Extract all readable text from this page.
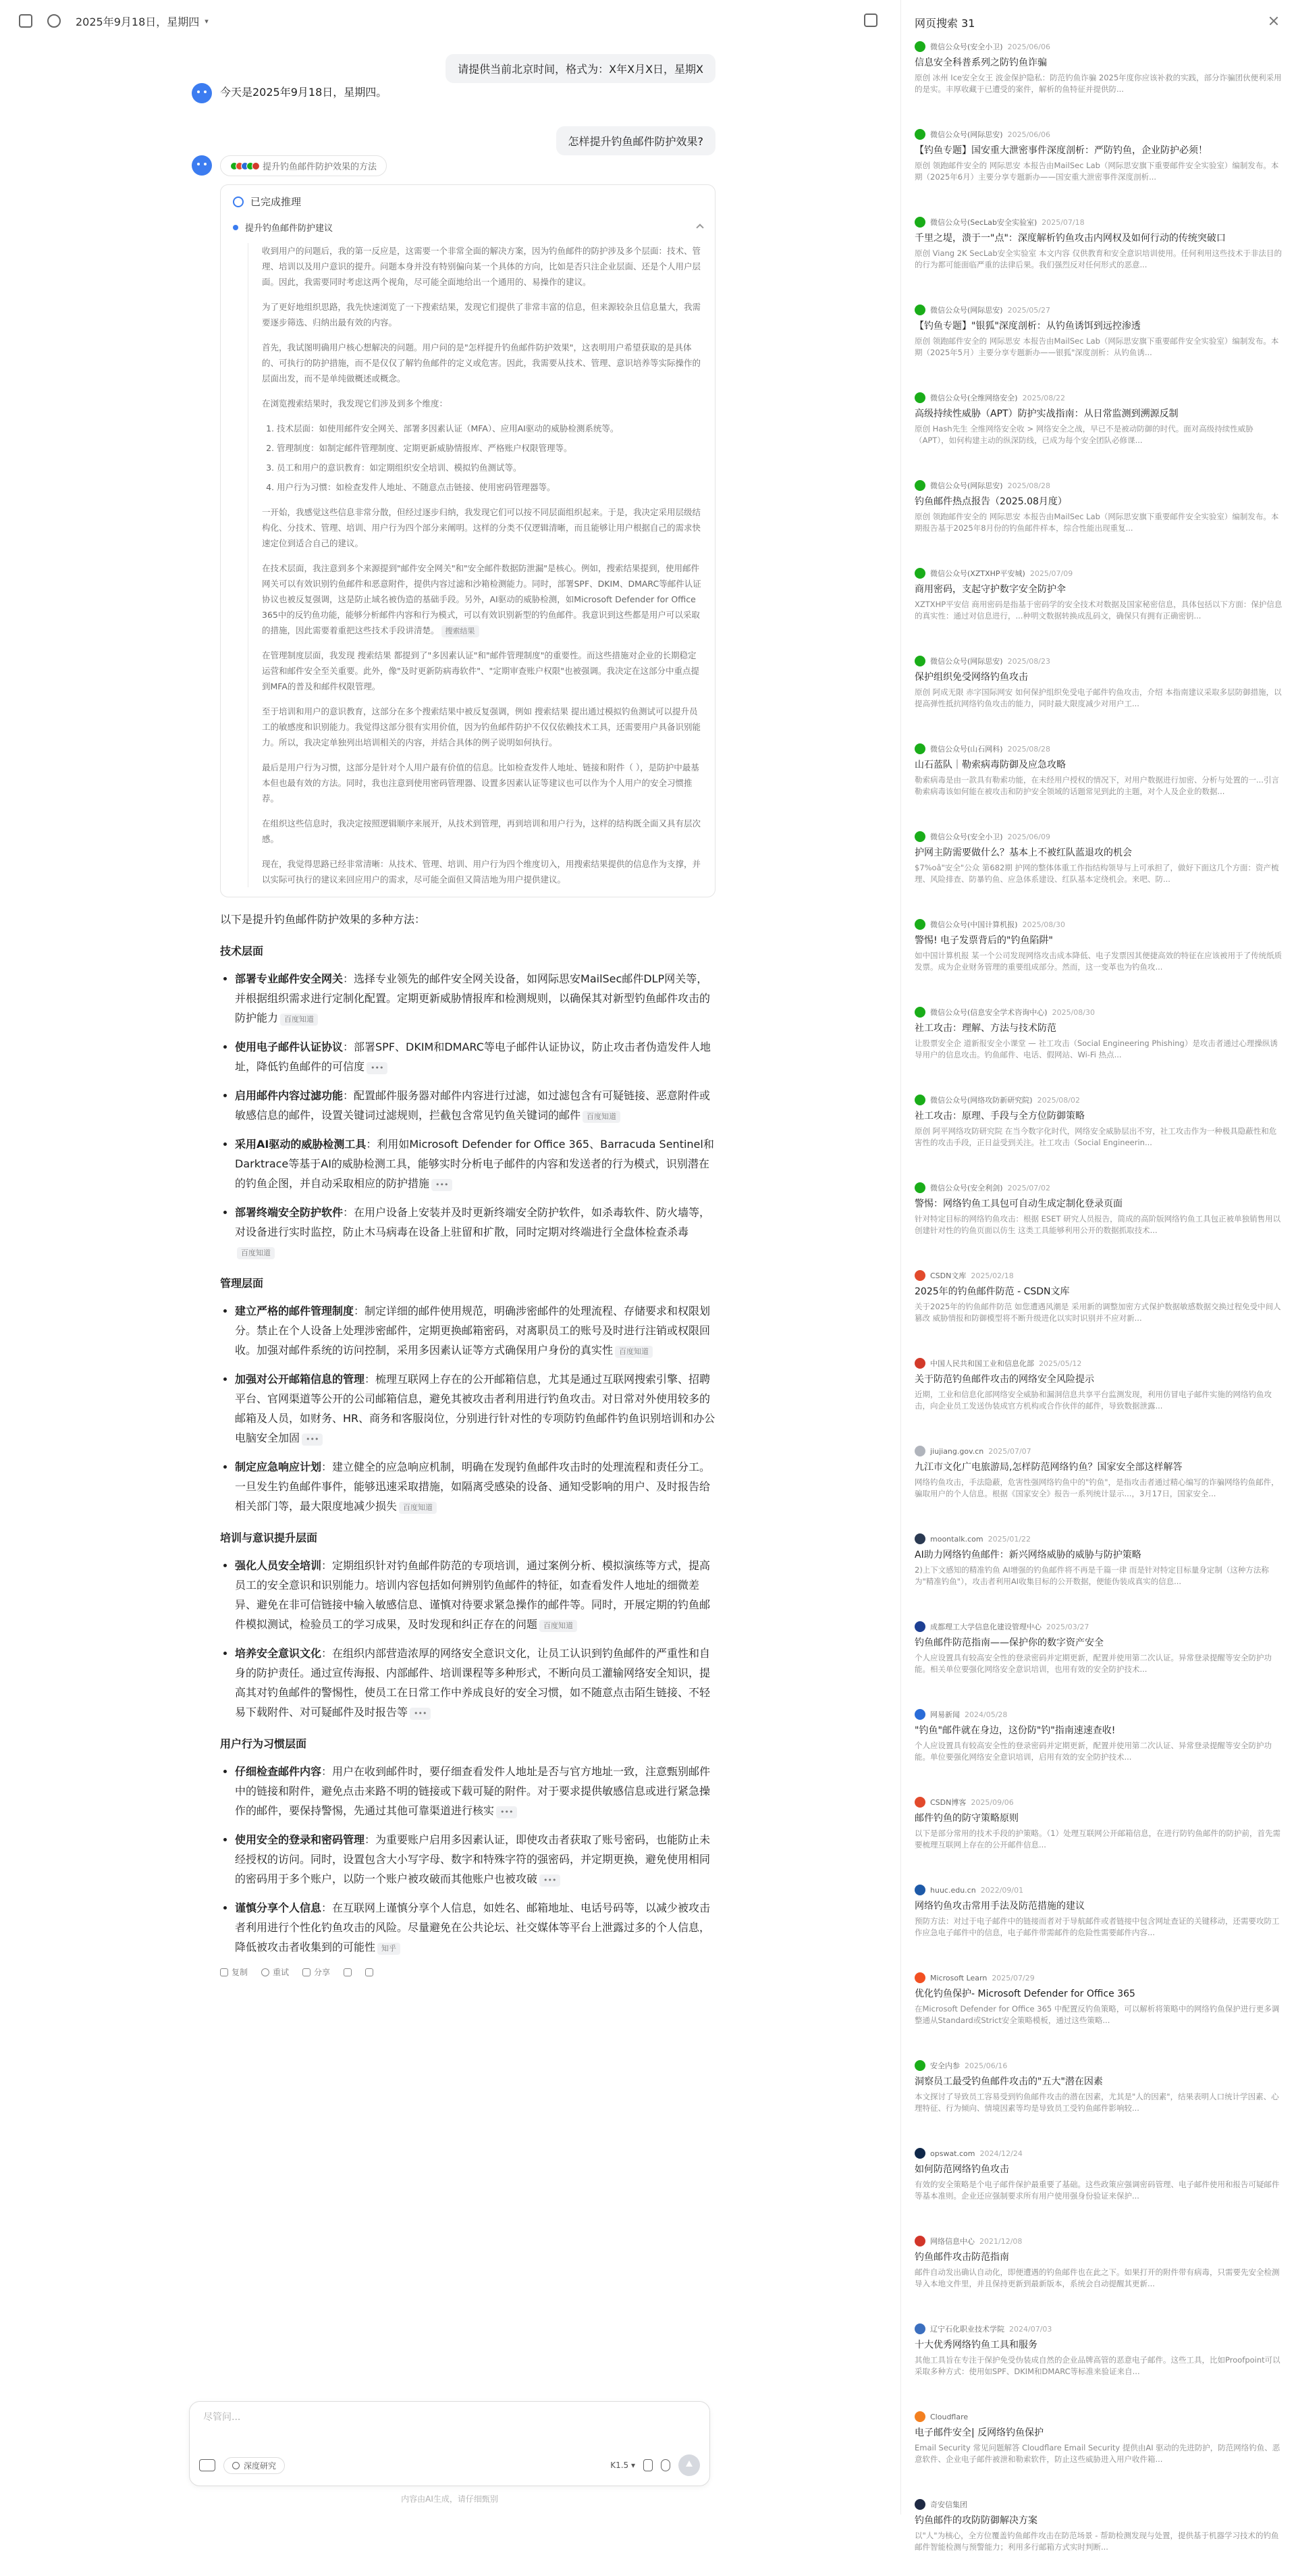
2025年9月18日，星期四 ▾
请提供当前北京时间，格式为：X年X月X日，星期X
今天是2025年9月18日，星期四。
怎样提升钓鱼邮件防护效果?
提升钓鱼邮件防护效果的方法
已完成推理
提升钓鱼邮件防护建议

收到用户的问题后，我的第一反应是，这需要一个非常全面的解决方案，因为钓鱼邮件的防护涉及多个层面：技术、管理、培训以及用户意识的提升。问题本身并没有特别偏向某一个具体的方向，比如是否只注企业层面、还是个人用户层面。因此，我需要同时考虑这两个视角，尽可能全面地给出一个通用的、易操作的建议。

为了更好地组织思路，我先快速浏览了一下搜索结果，发现它们提供了非常丰富的信息，但来源较杂且信息量大，我需要逐步筛选、归纳出最有效的内容。

首先，我试图明确用户核心想解决的问题。用户问的是"怎样提升钓鱼邮件防护效果"，这表明用户希望获取的是具体的、可执行的防护措施，而不是仅仅了解钓鱼邮件的定义或危害。因此，我需要从技术、管理、意识培养等实际操作的层面出发，而不是单纯做概述或概念。

在浏览搜索结果时，我发现它们涉及到多个维度：

1. 技术层面：如使用邮件安全网关、部署多因素认证（MFA）、应用AI驱动的威胁检测系统等。
2. 管理制度：如制定邮件管理制度、定期更新威胁情报库、严格账户权限管理等。
3. 员工和用户的意识教育：如定期组织安全培训、模拟钓鱼测试等。
4. 用户行为习惯：如检查发件人地址、不随意点击链接、使用密码管理器等。

一开始，我感觉这些信息非常分散，但经过逐步归纳，我发现它们可以按不同层面组织起来。于是，我决定采用层级结构化、分技术、管理、培训、用户行为四个部分来阐明。这样的分类不仅逻辑清晰，而且能够让用户根据自己的需求快速定位到适合自己的建议。

在技术层面，我注意到多个来源提到"邮件安全网关"和"安全邮件数据防泄漏"是核心。例如，搜索结果提到，使用邮件网关可以有效识别钓鱼邮件和恶意附件，提供内容过滤和沙箱检测能力。同时，部署SPF、DKIM、DMARC等邮件认证协议也被反复强调，这是防止域名被伪造的基础手段。另外，AI驱动的威胁检测，如Microsoft Defender for Office 365中的反钓鱼功能，能够分析邮件内容和行为模式，可以有效识别新型的钓鱼邮件。我意识到这些都是用户可以采取的措施，因此需要着重把这些技术手段讲清楚。 搜索结果

在管理制度层面，我发现 搜索结果 都提到了"多因素认证"和"邮件管理制度"的重要性。而这些措施对企业的长期稳定运营和邮件安全至关重要。此外，像"及时更新防病毒软件"、"定期审查账户权限"也被强调。我决定在这部分中重点提到MFA的普及和邮件权限管理。

至于培训和用户的意识教育，这部分在多个搜索结果中被反复强调，例如 搜索结果 提出通过模拟钓鱼测试可以提升员工的敏感度和识别能力。我觉得这部分很有实用价值，因为钓鱼邮件防护不仅仅依赖技术工具，还需要用户具备识别能力。所以，我决定单独列出培训相关的内容，并结合具体的例子说明如何执行。

最后是用户行为习惯，这部分是针对个人用户最有价值的信息。比如检查发件人地址、链接和附件（ ），是防护中最基本但也最有效的方法。同时，我也注意到使用密码管理器、设置多因素认证等建议也可以作为个人用户的安全习惯推荐。

在组织这些信息时，我决定按照逻辑顺序来展开，从技术到管理，再到培训和用户行为，这样的结构既全面又具有层次感。

现在，我觉得思路已经非常清晰：从技术、管理、培训、用户行为四个维度切入，用搜索结果提供的信息作为支撑，并以实际可执行的建议来回应用户的需求，尽可能全面但又简洁地为用户提供建议。

以下是提升钓鱼邮件防护效果的多种方法：
技术层面
• 部署专业邮件安全网关：选择专业领先的邮件安全网关设备，如网际思安MailSec邮件DLP网关等，并根据组织需求进行定制化配置。定期更新威胁情报库和检测规则，以确保其对新型钓鱼邮件攻击的防护能力 百度知道
• 使用电子邮件认证协议：部署SPF、DKIM和DMARC等电子邮件认证协议，防止攻击者伪造发件人地址，降低钓鱼邮件的可信度 •••
• 启用邮件内容过滤功能：配置邮件服务器对邮件内容进行过滤，如过滤包含有可疑链接、恶意附件或敏感信息的邮件，设置关键词过滤规则，拦截包含常见钓鱼关键词的邮件 百度知道
• 采用AI驱动的威胁检测工具：利用如Microsoft Defender for Office 365、Barracuda Sentinel和Darktrace等基于AI的威胁检测工具，能够实时分析电子邮件的内容和发送者的行为模式，识别潜在的钓鱼企图，并自动采取相应的防护措施 •••
• 部署终端安全防护软件：在用户设备上安装并及时更新终端安全防护软件，如杀毒软件、防火墙等，对设备进行实时监控，防止木马病毒在设备上驻留和扩散，同时定期对终端进行全盘体检查杀毒百度知道
管理层面
• 建立严格的邮件管理制度：制定详细的邮件使用规范，明确涉密邮件的处理流程、存储要求和权限划分。禁止在个人设备上处理涉密邮件，定期更换邮箱密码，对离职员工的账号及时进行注销或权限回收。加强对邮件系统的访问控制，采用多因素认证等方式确保用户身份的真实性 百度知道
• 加强对公开邮箱信息的管理：梳理互联网上存在的公开邮箱信息，尤其是通过互联网搜索引擎、招聘平台、官网渠道等公开的公司邮箱信息，避免其被攻击者利用进行钓鱼攻击。对日常对外使用较多的邮箱及人员，如财务、HR、商务和客服岗位，分别进行针对性的专项防钓鱼邮件钓鱼识别培训和办公电脑安全加固 •••
• 制定应急响应计划：建立健全的应急响应机制，明确在发现钓鱼邮件攻击时的处理流程和责任分工。一旦发生钓鱼邮件事件，能够迅速采取措施，如隔离受感染的设备、通知受影响的用户、及时报告给相关部门等，最大限度地减少损失 百度知道
培训与意识提升层面
• 强化人员安全培训：定期组织针对钓鱼邮件防范的专项培训，通过案例分析、模拟演练等方式，提高员工的安全意识和识别能力。培训内容包括如何辨别钓鱼邮件的特征，如查看发件人地址的细微差异、避免在非可信链接中输入敏感信息、谨慎对待要求紧急操作的邮件等。同时，开展定期的钓鱼邮件模拟测试，检验员工的学习成果，及时发现和纠正存在的问题 百度知道
• 培养安全意识文化：在组织内部营造浓厚的网络安全意识文化，让员工认识到钓鱼邮件的严重性和自身的防护责任。通过宣传海报、内部邮件、培训课程等多种形式，不断向员工灌输网络安全知识，提高其对钓鱼邮件的警惕性，使员工在日常工作中养成良好的安全习惯，如不随意点击陌生链接、不轻易下载附件、对可疑邮件及时报告等 •••
用户行为习惯层面
• 仔细检查邮件内容：用户在收到邮件时，要仔细查看发件人地址是否与官方地址一致，注意甄别邮件中的链接和附件，避免点击来路不明的链接或下载可疑的附件。对于要求提供敏感信息或进行紧急操作的邮件，要保持警惕，先通过其他可靠渠道进行核实 •••
• 使用安全的登录和密码管理：为重要账户启用多因素认证，即使攻击者获取了账号密码，也能防止未经授权的访问。同时，设置包含大小写字母、数字和特殊字符的强密码，并定期更换，避免使用相同的密码用于多个账户，以防一个账户被攻破而其他账户也被攻破 •••
• 谨慎分享个人信息：在互联网上谨慎分享个人信息，如姓名、邮箱地址、电话号码等，以减少被攻击者利用进行个性化钓鱼攻击的风险。尽量避免在公共论坛、社交媒体等平台上泄露过多的个人信息，降低被攻击者收集到的可能性 知乎
复制	重试	分享
尽管问...
深度研究	K1.5 ▾
内容由AI生成，请仔细甄别
网页搜索 31
微信公众号(安全小卫) 2025/06/06
信息安全科普系列之防钓鱼诈骗
原创 冰州 Ice安全女王 波金保护隐私：防范钓鱼诈骗 2025年度你应该补救的实践，部分诈骗团伙便利采用的是实。丰厚收藏于已遭受的案件，解析的鱼特征并提供防...
微信公众号(网际思安) 2025/06/06
【钓鱼专题】国安重大泄密事件深度剖析：严防钓鱼，企业防护必须！
原创 领跑邮件安全的 网际思安 本报告由MailSec Lab（网际思安旗下重要邮件安全实验室）编制发布。本期（2025年6月）主要分享专题新办——国安重大泄密事件深度剖析...
微信公众号(SecLab安全实验室) 2025/07/18
千里之堤，溃于一"点"：深度解析钓鱼攻击内网权及如何行动的传统突破口
原创 Viang 2K SecLab安全实验室 本文内容 仅供教育和安全意识培训使用。任何利用这些技术于非法目的的行为都可能面临严重的法律后果。我们强烈反对任何形式的恶意...
微信公众号(网际思安) 2025/05/27
【钓鱼专题】"银狐"深度剖析：从钓鱼诱饵到远控渗透
原创 领跑邮件安全的 网际思安 本报告由MailSec Lab（网际思安旗下重要邮件安全实验室）编制发布。本期（2025年5月）主要分享专题新办——银狐"深度剖析：从钓鱼诱...
微信公众号(全维网络安全) 2025/08/22
高级持续性威胁（APT）防护实战指南：从日常监测到溯源反制
原创 Hash先生 全维网络安全收 > 网络安全之战，早已不是被动防御的时代。面对高级持续性威胁（APT），如何构建主动的纵深防线，已成为每个安全团队必修课...
微信公众号(网际思安) 2025/08/28
钓鱼邮件热点报告（2025.08月度）
原创 领跑邮件安全的 网际思安 本报告由MailSec Lab（网际思安旗下重要邮件安全实验室）编制发布。本期报告基于2025年8月份的钓鱼邮件样本，综合性能出现重复...
微信公众号(XZTXHP平安城) 2025/07/09
商用密码，支起守护数字安全防护伞
XZTXHP平安信 商用密码是指基于密码学的安全技术对数据及国家秘密信息，具体包括以下方面：保护信息的真实性：通过对信息进行，...种明文数据转换成乱码文，确保只有拥有正确密钥...
微信公众号(网际思安) 2025/08/23
保护组织免受网络钓鱼攻击
原创 阿成无限 赤字国际网安 如何保护组织免受电子邮件钓鱼攻击，介绍 本指南建议采取多层防御措施，以提高弹性抵抗网络钓鱼攻击的能力，同时最大限度减少对用户工...
微信公众号(山石网科) 2025/08/28
山石蓝队｜勒索病毒防御及应急攻略
勒索病毒是由一款具有勒索功能，在未经用户授权的情况下，对用户数据进行加密、分析与处置的一...引言勒索病毒该如何能在被攻击和防护安全领域的话题常见到此的主题，对个人及企业的数据...
微信公众号(安全小卫) 2025/06/09
护网主防需要做什么？基本上不被红队蓝退攻的机会
$7%oâ"安全"公众 第682期 护网的整体体重工作指结构领导与上可承担了，做好下面这几个方面：资产梳理、风险排查、防暴钓鱼、应急体系建设、红队基本定绕机会。来吧、防...
微信公众号(中国计算机报) 2025/08/30
警惕! 电子发票背后的"钓鱼陷阱"
如中国计算机报 某一个公司发现网络攻击成本降低、电子发票因其便捷高效的特征在应该被用于了传统纸质发票。成为企业财务管理的重要组成部分。然而，这一变革也为钓鱼攻...
微信公众号(信息安全学术咨询中心) 2025/08/30
社工攻击：理解、方法与技术防范
让股票安全企 道新报安全小课堂 — 社工攻击（Social Engineering Phishing）是攻击者通过心理操纵诱导用户的信息攻击。钓鱼邮件、电话、假网站、Wi-Fi 热点...
微信公众号(网络攻防新研究院) 2025/08/02
社工攻击：原理、手段与全方位防御策略
原创 阿平网络攻防研究院 在当今数字化时代，网络安全威胁层出不穷，社工攻击作为一种极具隐蔽性和危害性的攻击手段，正日益受到关注。社工攻击（Social Engineerin...
微信公众号(安全利剑) 2025/07/02
警惕：网络钓鱼工具包可自动生成定制化登录页面
针对特定目标的网络钓鱼攻击：根据 ESET 研究人员报告，简成的高阶版网络钓鱼工具包正被单独销售用以创建针对性的钓鱼页面以仿生 这类工具能够利用公开的数据抓取技术...
CSDN文库 2025/02/18
2025年的钓鱼邮件防范 - CSDN文库
关于2025年的钓鱼邮件防范 如您遭遇风潮是 采用新的调整加密方式保护数据敏感数据交换过程免受中间人篡改 威胁情报和防御模型将不断升级进化以实时识别并不应对新...
中国人民共和国工业和信息化部 2025/05/12
关于防范钓鱼邮件攻击的网络安全风险提示
近期，工业和信息化部网络安全威胁和漏洞信息共享平台监测发现，利用仿冒电子邮件实施的网络钓鱼攻击，向企业员工发送伪装成官方机构或合作伙伴的邮件，导致数据泄露...
jiujiang.gov.cn 2025/07/07
九江市文化广电旅游局,怎样防范网络钓鱼？国家安全部这样解答
网络钓鱼攻击，手法隐蔽，危害性强网络钓鱼中的"钓鱼"，是指攻击者通过精心编写的诈骗网络钓鱼邮件，骗取用户的个人信息。根据《国家安全》报告一系列统计显示...，3月17日，国家安全...
moontalk.com 2025/01/22
AI助力网络钓鱼邮件：新兴网络威胁的威胁与防护策略
2)上下文感知的精准钓鱼 AI增强的钓鱼邮件将不再是千篇一律 而是针对特定目标量身定制（这种方法称为"精准钓鱼"），攻击者利用AI收集目标的公开数据，便能伪装成真实的信息...
成都理工大学信息化建设管理中心 2025/03/27
钓鱼邮件防范指南——保护你的数字资产安全
个人应设置具有较高安全性的登录密码并定期更新，配置并使用第二次认证。异常登录提醒等安全防护功能。相关单位要强化网络安全意识培训，也用有效的安全防护技术...
网易新闻 2024/05/28
"钓鱼"邮件就在身边，这份防"钓"指南速速查收!
个人应设置具有较高安全性的登录密码并定期更新，配置并使用第二次认证、异常登录提醒等安全防护功能。单位要强化网络安全意识培训，启用有效的安全防护技术...
CSDN博客 2025/09/06
邮件钓鱼的防守策略原则
以下是部分常用的技术手段的护策略。（1）处理互联网公开邮箱信息，在进行防钓鱼邮件的防护前，首先需要梳理互联网上存在的公开邮件信息...
huuc.edu.cn 2022/09/01
网络钓鱼攻击常用手法及防范措施的建议
预防方法：对过于电子邮件中的链接而者对于导航邮件或者链接中包含网址查证的关键移动，还需要攻防工作应急电子邮件中的信息，电子邮件带需邮件的危险性需要邮件内容...
Microsoft Learn 2025/07/29
优化钓鱼保护- Microsoft Defender for Office 365
在Microsoft Defender for Office 365 中配置反钓鱼策略，可以解析将策略中的网络钓鱼保护进行更多调整通从Standard或Strict安全策略模板，通过这些策略...
安全内参 2025/06/16
洞察员工最受钓鱼邮件攻击的"五大"潜在因素
本文探讨了导致员工容易受到钓鱼邮件攻击的潜在因素，尤其是"人的因素"，结果表明人口统计学因素、心理特征、行为倾向、情境因素等均是导致员工受钓鱼邮件影响较...
opswat.com 2024/12/24
如何防范网络钓鱼攻击
有效的安全策略是个电子邮件保护最重要了基础。这些政策应强调密码管理、电子邮件使用和报告可疑邮件等基本准则。企业还应强制要求所有用户使用强身份验证来保护...
网络信息中心 2021/12/08
钓鱼邮件攻击防范指南
邮件自动发出确认自动化，即便遭遇的钓鱼邮件也在此之下。如果打开的附件带有病毒，只需要先安全检测导入本地文件里，并且保持更新到最新版本，系统会自动提醒其更新...
辽宁石化职业技术学院 2024/07/03
十大优秀网络钓鱼工具和服务
其他工具旨在专注于保护免受伪装成自然的企业品牌高管的恶意电子邮件。这些工具，比如Proofpoint可以采取多种方式：使用如SPF、DKIM和DMARC等标准来验证来自...
Cloudflare
电子邮件安全| 反网络钓鱼保护
Email Security 常见问题解答 Cloudflare Email Security 提供由AI 驱动的先进防护，防范网络钓鱼、恶意软件、企业电子邮件被泄和勒索软件，防止这些威胁进入用户收件箱...
奇安信集团
钓鱼邮件的攻防防御解决方案
以"人"为核心，全方位覆盖钓鱼邮件攻击在防范场景 - 帮助检测发现与处置，提供基于机器学习技术的钓鱼邮件智能检测与预警能力；利用多行邮箱方式实时判断...
